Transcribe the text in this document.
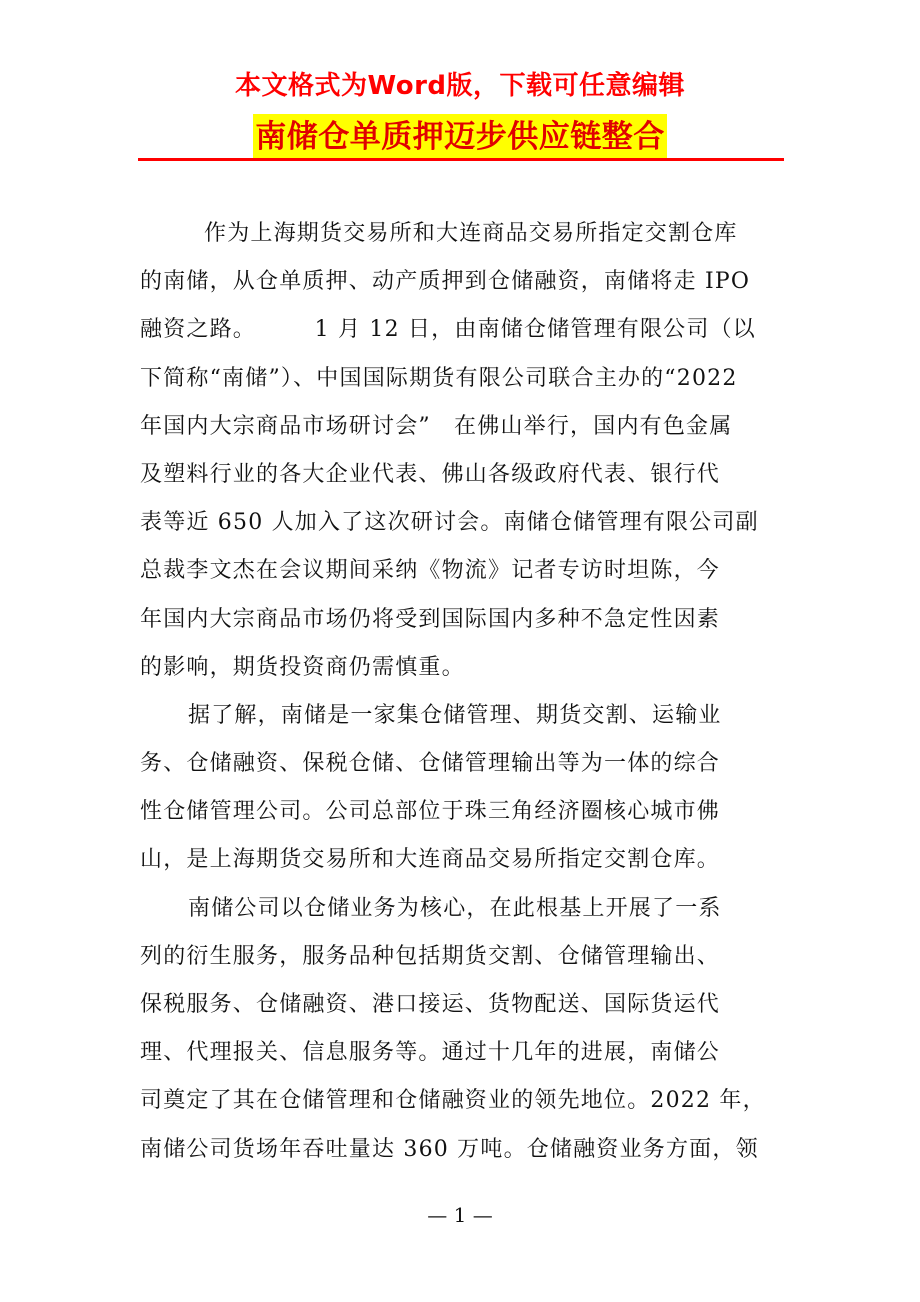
本文格式为Word版，下载可任意编辑
南储仓单质押迈步供应链整合
作为上海期货交易所和大连商品交易所指定交割仓库
的南储，从仓单质押、动产质押到仓储融资，南储将走 IPO
融资之路。　　　1 月 12 日，由南储仓储管理有限公司（以
下简称“南储”）、中国国际期货有限公司联合主办的“2022
年国内大宗商品市场研讨会”　在佛山举行，国内有色金属
及塑料行业的各大企业代表、佛山各级政府代表、银行代
表等近 650 人加入了这次研讨会。南储仓储管理有限公司副
总裁李文杰在会议期间采纳《物流》记者专访时坦陈，今
年国内大宗商品市场仍将受到国际国内多种不急定性因素
的影响，期货投资商仍需慎重。
据了解，南储是一家集仓储管理、期货交割、运输业
务、仓储融资、保税仓储、仓储管理输出等为一体的综合
性仓储管理公司。公司总部位于珠三角经济圈核心城市佛
山，是上海期货交易所和大连商品交易所指定交割仓库。
南储公司以仓储业务为核心，在此根基上开展了一系
列的衍生服务，服务品种包括期货交割、仓储管理输出、
保税服务、仓储融资、港口接运、货物配送、国际货运代
理、代理报关、信息服务等。通过十几年的进展，南储公
司奠定了其在仓储管理和仓储融资业的领先地位。2022 年，
南储公司货场年吞吐量达 360 万吨。仓储融资业务方面，领
— 1 —
